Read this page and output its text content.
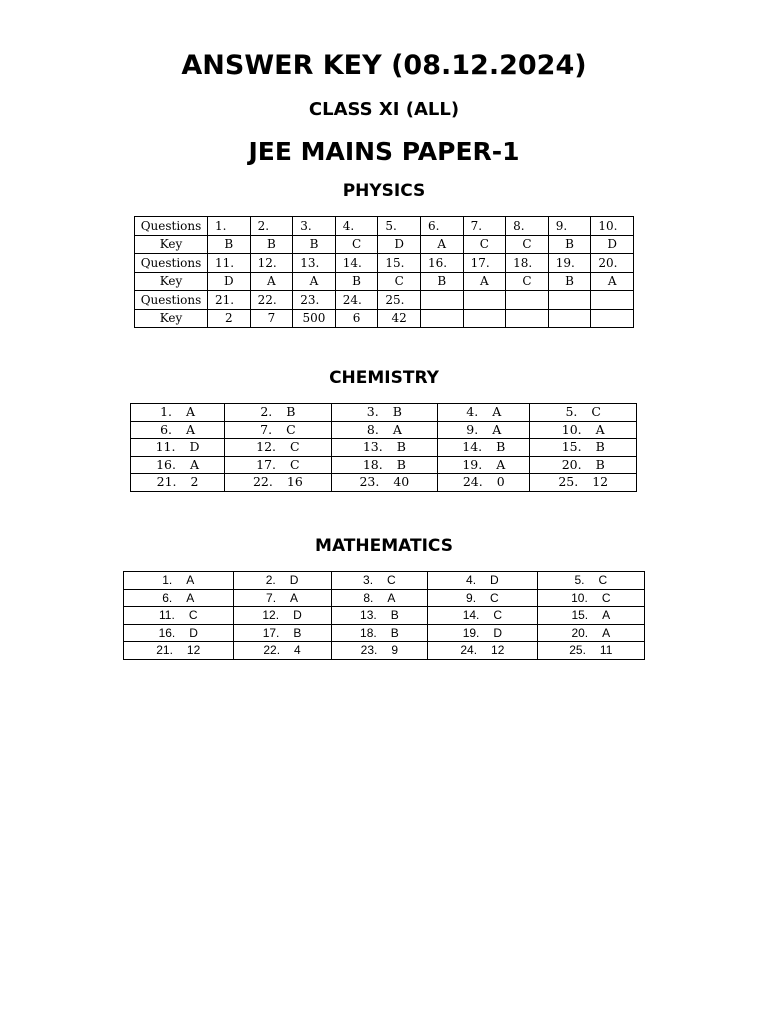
ANSWER KEY (08.12.2024)
CLASS XI (ALL)
JEE MAINS PAPER-1
PHYSICS
Questions	1.	2.	3.	4.	5.	6.	7.	8.	9.	10.
Key	B	B	B	C	D	A	C	C	B	D
Questions	11.	12.	13.	14.	15.	16.	17.	18.	19.	20.
Key	D	A	A	B	C	B	A	C	B	A
Questions	21.	22.	23.	24.	25.					
Key	2	7	500	6	42					
CHEMISTRY
1. A	2. B	3. B	4. A	5. C
6. A	7. C	8. A	9. A	10. A
11. D	12. C	13. B	14. B	15. B
16. A	17. C	18. B	19. A	20. B
21. 2	22. 16	23. 40	24. 0	25. 12
MATHEMATICS
1. A	2. D	3. C	4. D	5. C
6. A	7. A	8. A	9. C	10. C
11. C	12. D	13. B	14. C	15. A
16. D	17. B	18. B	19. D	20. A
21. 12	22. 4	23. 9	24. 12	25. 11
